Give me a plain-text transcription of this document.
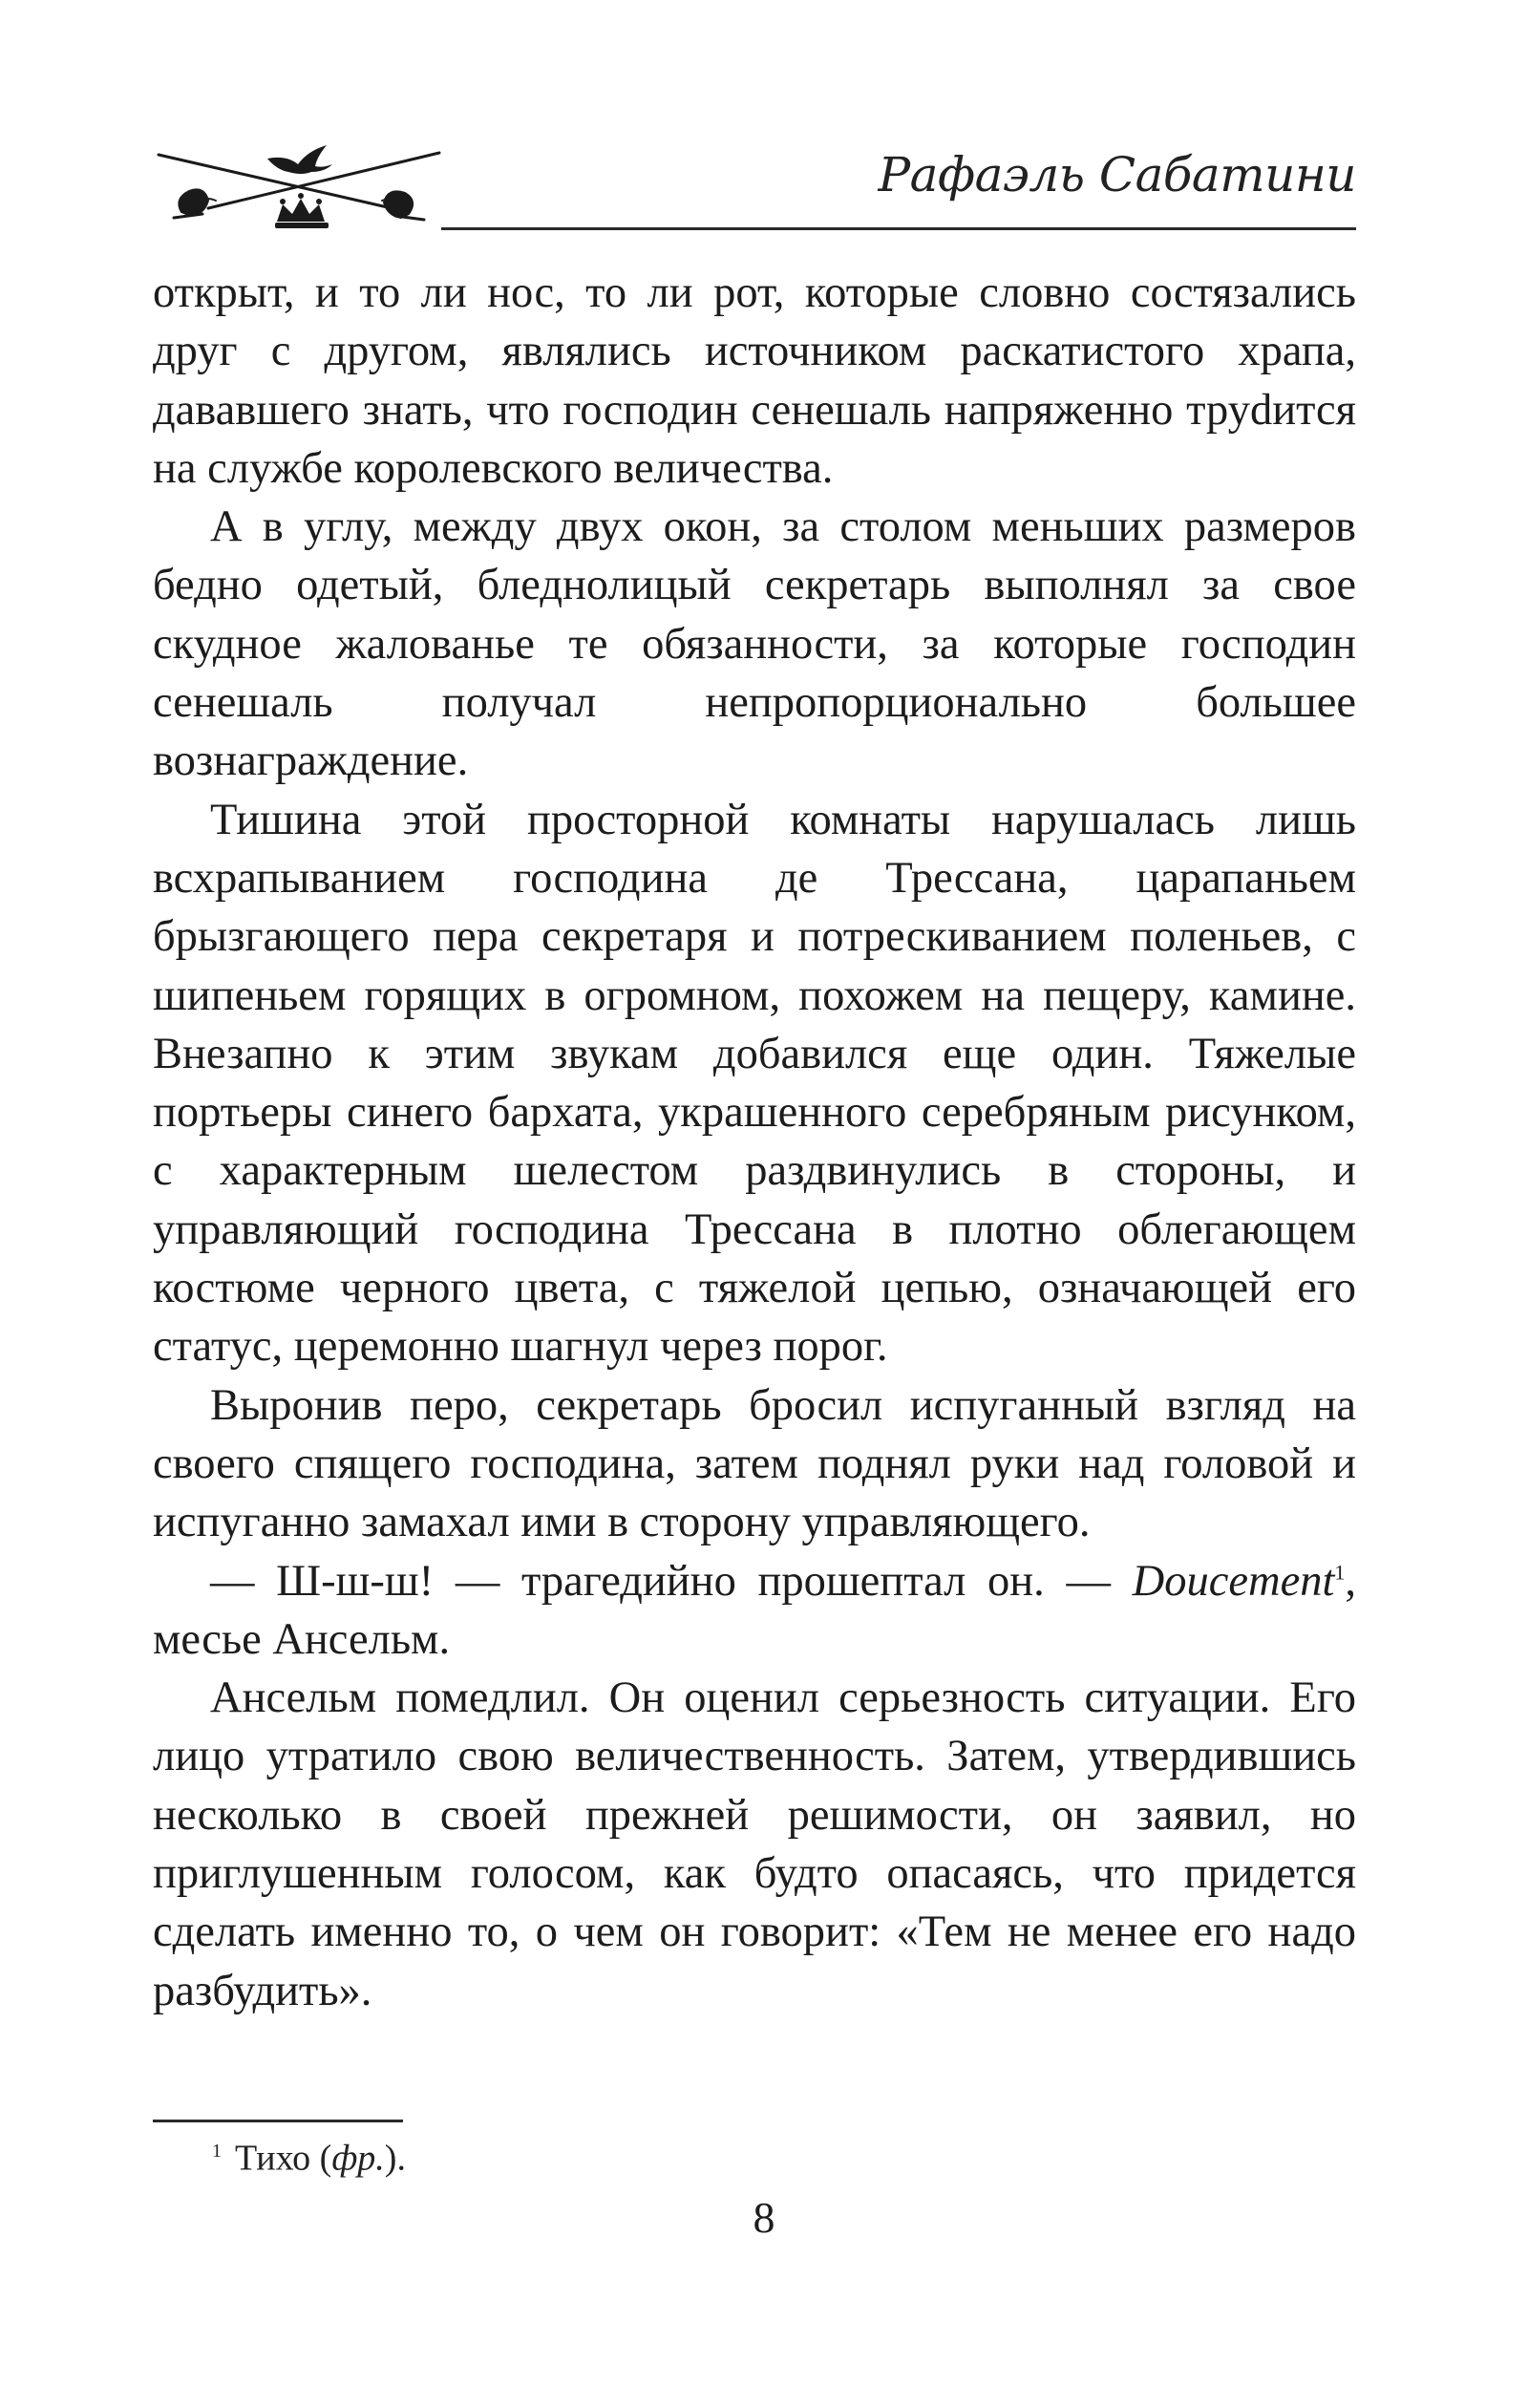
Рафаэль Сабатини

открыт, и то ли нос, то ли рот, которые словно состязались друг с другом, являлись источником раскатистого храпа, дававшего знать, что господин сенешаль напряженно труdится на службе королевского величества.

А в углу, между двух окон, за столом меньших размеров бедно одетый, бледнолицый секретарь выполнял за свое скудное жалованье те обязанности, за которые господин сенешаль получал непропорционально большее вознаграждение.

Тишина этой просторной комнаты нарушалась лишь всхрапыванием господина де Трессана, царапаньем брызгающего пера секретаря и потрескиванием поленьев, с шипеньем горящих в огромном, похожем на пещеру, камине. Внезапно к этим звукам добавился еще один. Тяжелые портьеры синего бархата, украшенного серебряным рисунком, с характерным шелестом раздвинулись в стороны, и управляющий господина Трессана в плотно облегающем костюме черного цвета, с тяжелой цепью, означающей его статус, церемонно шагнул через порог.

Выронив перо, секретарь бросил испуганный взгляд на своего спящего господина, затем поднял руки над головой и испуганно замахал ими в сторону управляющего.

— Ш-ш-ш! — трагедийно прошептал он. — Doucement$^1$, месье Ансельм.

Ансельм помедлил. Он оценил серьезность ситуации. Его лицо утратило свою величественность. Затем, утвердившись несколько в своей прежней решимости, он заявил, но приглушенным голосом, как будто опасаясь, что придется сделать именно то, о чем он говорит: «Тем не менее его надо разбудить».

$^1$ Тихо (фр.).
8
